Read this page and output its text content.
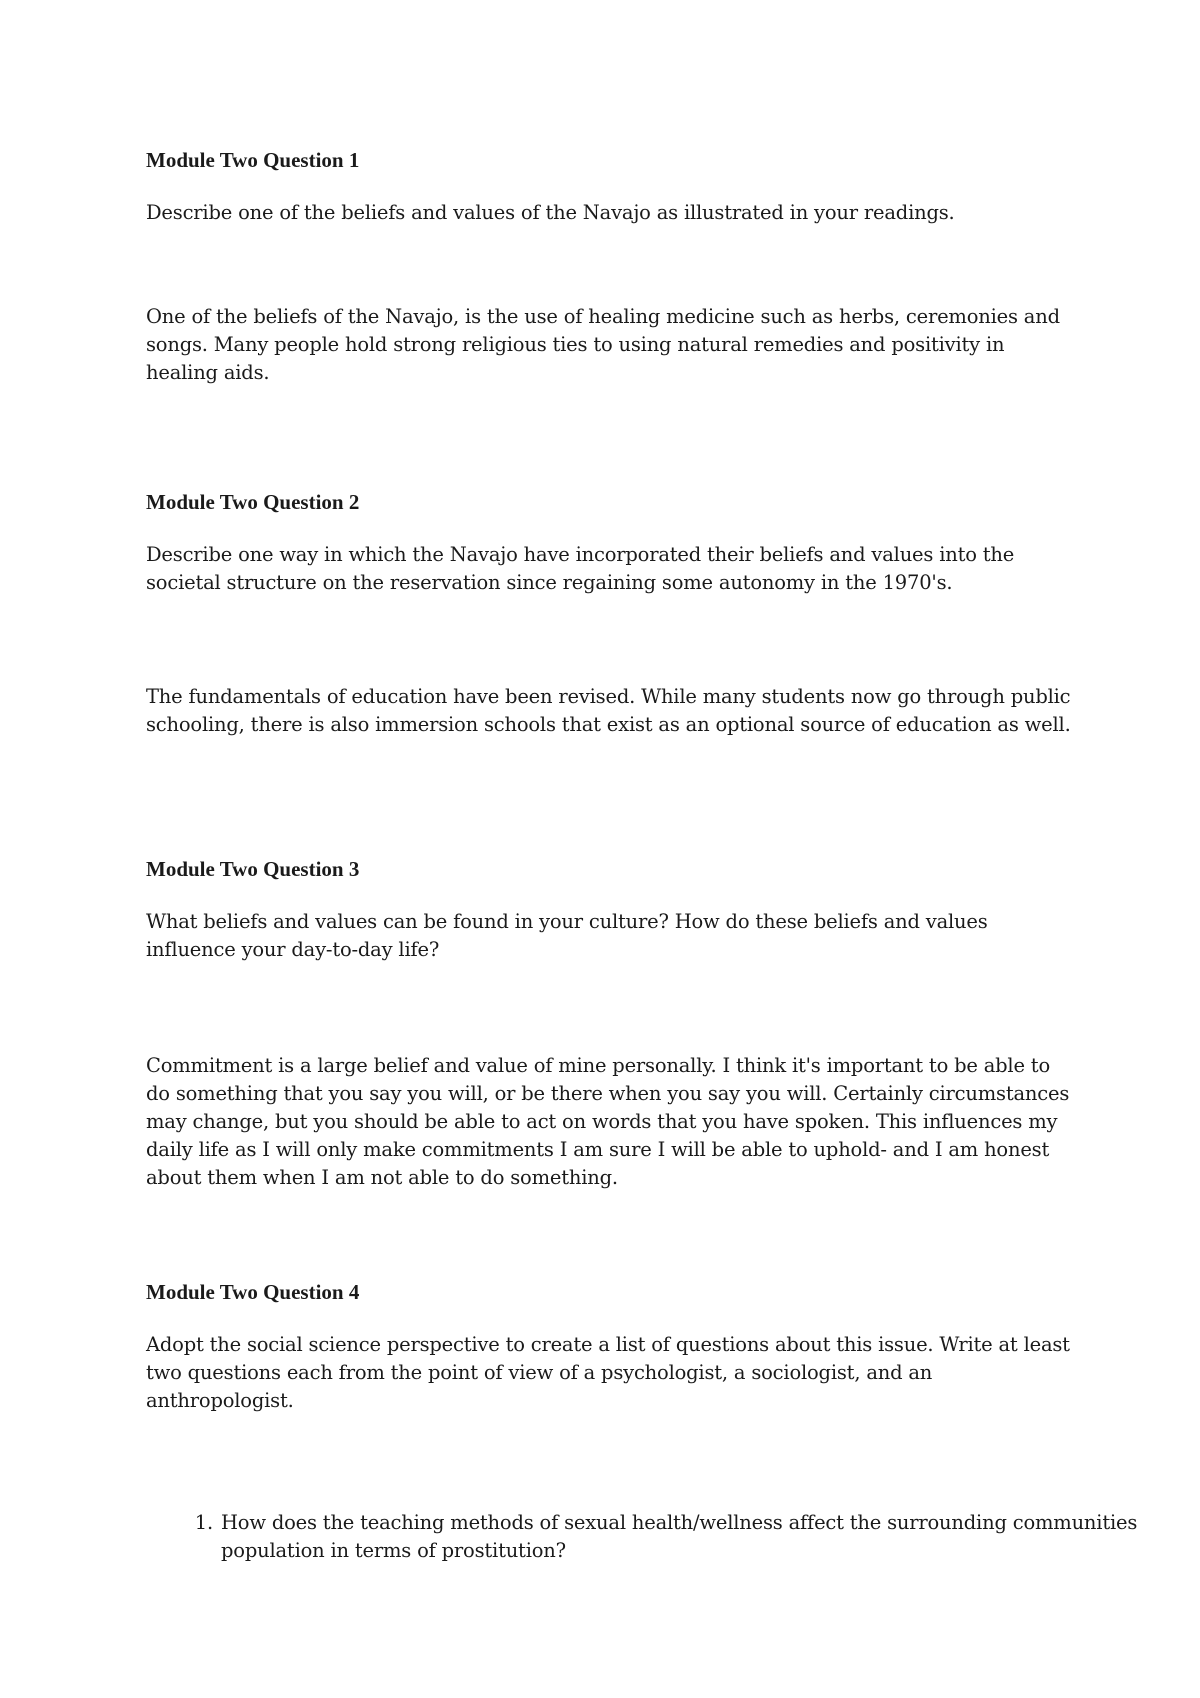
Module Two Question 1

Describe one of the beliefs and values of the Navajo as illustrated in your readings.

One of the beliefs of the Navajo, is the use of healing medicine such as herbs, ceremonies and songs. Many people hold strong religious ties to using natural remedies and positivity in healing aids.

Module Two Question 2

Describe one way in which the Navajo have incorporated their beliefs and values into the societal structure on the reservation since regaining some autonomy in the 1970's.

The fundamentals of education have been revised. While many students now go through public schooling, there is also immersion schools that exist as an optional source of education as well.

Module Two Question 3

What beliefs and values can be found in your culture? How do these beliefs and values influence your day-to-day life?

Commitment is a large belief and value of mine personally. I think it's important to be able to do something that you say you will, or be there when you say you will. Certainly circumstances may change, but you should be able to act on words that you have spoken. This influences my daily life as I will only make commitments I am sure I will be able to uphold- and I am honest about them when I am not able to do something.

Module Two Question 4

Adopt the social science perspective to create a list of questions about this issue. Write at least two questions each from the point of view of a psychologist, a sociologist, and an anthropologist.

1. How does the teaching methods of sexual health/wellness affect the surrounding communities population in terms of prostitution?
